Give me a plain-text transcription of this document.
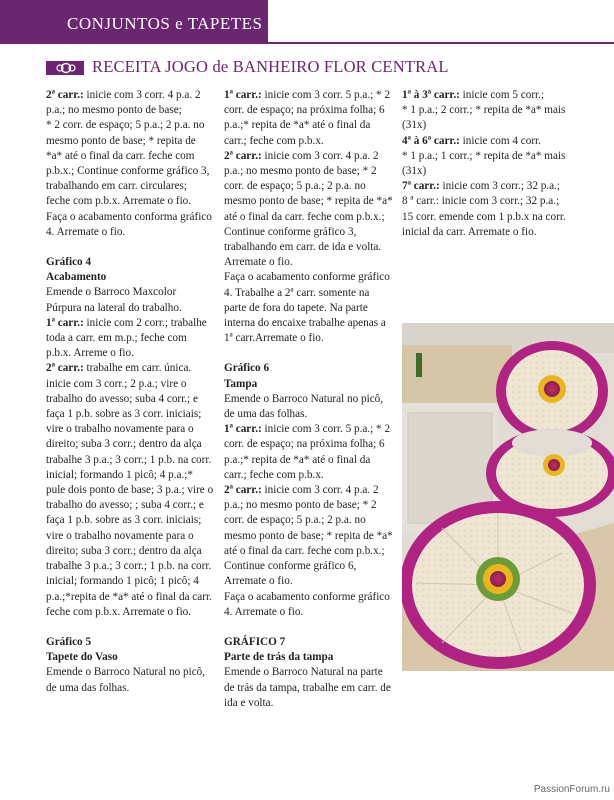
CONJUNTOS e TAPETES
RECEITA JOGO de BANHEIRO FLOR CENTRAL

2ª carr.: inicie com 3 corr. 4 p.a. 2 p.a.; no mesmo ponto de base;

* 2 corr. de espaço; 5 p.a.; 2 p.a. no mesmo ponto de base; * repita de *a* até o final da carr. feche com p.b.x.; Continue conforme gráfico 3, trabalhando em carr. circulares; feche com p.b.x. Arremate o fio.

Faça o acabamento conforma gráfico 4. Arremate o fio.

Gráfico 4

Acabamento

Emende o Barroco Maxcolor Púrpura na lateral do trabalho.

1ª carr.: inicie com 2 corr.; trabalhe toda a carr. em m.p.; feche com p.b.x. Arreme o fio.

2ª carr.: trabalhe em carr. única. inicie com 3 corr.; 2 p.a.; vire o trabalho do avesso; suba 4 corr.; e faça 1 p.b. sobre as 3 corr. iniciais; vire o trabalho novamente para o direito; suba 3 corr.; dentro da alça trabalhe 3 p.a.; 3 corr.; 1 p.b. na corr. inicial; formando 1 picô; 4 p.a.;* pule dois ponto de base; 3 p.a.; vire o trabalho do avesso; ; suba 4 corr.; e faça 1 p.b. sobre as 3 corr. iniciais; vire o trabalho novamente para o direito; suba 3 corr.; dentro da alça trabalhe 3 p.a.; 3 corr.; 1 p.b. na corr. inicial; formando 1 picô; 1 picô; 4 p.a.;*repita de *a* até o final da carr. feche com p.b.x. Arremate o fio.

Gráfico 5

Tapete do Vaso

Emende o Barroco Natural no picô, de uma das folhas.

1ª carr.: inicie com 3 corr. 5 p.a.; * 2 corr. de espaço; na próxima folha; 6 p.a.;* repita de *a* até o final da carr.; feche com p.b.x.

2ª carr.: inicie com 3 corr. 4 p.a. 2 p.a.; no mesmo ponto de base; * 2 corr. de espaço; 5 p.a.; 2 p.a. no mesmo ponto de base; * repita de *a* até o final da carr. feche com p.b.x.; Continue conforme gráfico 3, trabalhando em carr. de ida e volta. Arremate o fio.

Faça o acabamento conforme gráfico 4. Trabalhe a 2ª carr. somente na parte de fora do tapete. Na parte interna do encaixe trabalhe apenas a 1ª carr.Arremate o fio.

Gráfico 6

Tampa

Emende o Barroco Natural no picô, de uma das folhas.

1ª carr.: inicie com 3 corr. 5 p.a.; * 2 corr. de espaço; na próxima folha; 6 p.a.;* repita de *a* até o final da carr.; feche com p.b.x.

2ª carr.: inicie com 3 corr. 4 p.a. 2 p.a.; no mesmo ponto de base; * 2 corr. de espaço; 5 p.a.; 2 p.a. no mesmo ponto de base; * repita de *a* até o final da carr. feche com p.b.x.; Continue conforme gráfico 6, Arremate o fio.

Faça o acabamento conforme gráfico 4. Arremate o fio.

GRÁFICO 7

Parte de trás da tampa

Emende o Barroco Natural na parte de trás da tampa, trabalhe em carr. de ida e volta.

1ª à 3ª carr.: inicie com 5 corr.;

* 1 p.a.; 2 corr.; * repita de *a* mais (31x)

4ª à 6ª carr.: inicie com 4 corr.

* 1 p.a.; 1 corr.; * repita de *a* mais (31x)

7ª carr.: inicie com 3 corr.; 32 p.a.;

8 ª carr.: inicie com 3 corr.; 32 p.a.;

15 corr. emende com 1 p.b.x na corr. inicial da carr. Arremate o fio.

PassionForum.ru
